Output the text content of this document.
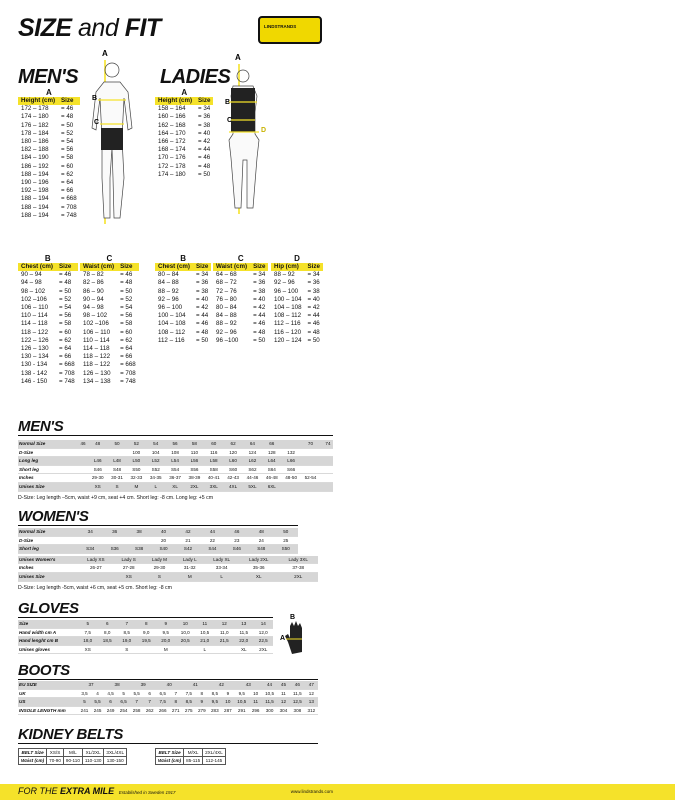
SIZE and FIT	LINDSTRANDS
MEN'S	LADIES
A
B
C
A
B
C
D
A
Height (cm)	Size
172 – 178	= 46
174 – 180	= 48
176 – 182	= 50
178 – 184	= 52
180 – 186	= 54
182 – 188	= 56
184 – 190	= 58
186 – 192	= 60
188 – 194	= 62
190 – 196	= 64
192 – 198	= 66
188 – 194	= 668
188 – 194	= 708
188 – 194	= 748
A
Height (cm)	Size
158 – 164	= 34
160 – 166	= 36
162 – 168	= 38
164 – 170	= 40
166 – 172	= 42
168 – 174	= 44
170 – 176	= 46
172 – 178	= 48
174 – 180	= 50
B
Chest (cm)	Size
90 – 94	= 46
94 – 98	= 48
98 – 102	= 50
102 –106	= 52
106 – 110	= 54
110 – 114	= 56
114 – 118	= 58
118 – 122	= 60
122 – 126	= 62
126 – 130	= 64
130 – 134	= 66
130 - 134	= 668
138 - 142	= 708
146 - 150	= 748
C
Waist (cm)	Size
78 – 82	= 46
82 – 86	= 48
86 – 90	= 50
90 – 94	= 52
94 – 98	= 54
98 – 102	= 56
102 –106	= 58
106 – 110	= 60
110 – 114	= 62
114 – 118	= 64
118 – 122	= 66
118 – 122	= 668
126 – 130	= 708
134 – 138	= 748
B
Chest (cm)	Size
80 – 84	= 34
84 – 88	= 36
88 – 92	= 38
92 – 96	= 40
96 – 100	= 42
100 – 104	= 44
104 – 108	= 46
108 – 112	= 48
112 – 116	= 50
C
Waist (cm)	Size
64 – 68	= 34
68 – 72	= 36
72 – 76	= 38
76 – 80	= 40
80 – 84	= 42
84 – 88	= 44
88 – 92	= 46
92 – 96	= 48
96 –100	= 50
D
Hip (cm)	Size
88 – 92	= 34
92 – 96	= 36
96 – 100	= 38
100 – 104	= 40
104 – 108	= 42
108 – 112	= 44
112 – 116	= 46
116 – 120	= 48
120 – 124	= 50
MEN'S
Normal Size	46	48	50	52	54	56	58	60	62	64	66		70		74
D-Size				100	104	108	110	116	120	124	128	132			
Long leg		L46	L48	L50	L52	L54	L56	L58	L60	L62	L64	L66			
Short leg		S46	S48	S50	S52	S54	S56	S58	S60	S62	S64	S66			
Inches		29-30	30-31	32-33	34-35	36-37	38-39	40-41	42-43	44-46	46-48	48-50	52-54		
Unisex Size		XS	S	M	L	XL	2XL	3XL	4XL	5XL	6XL				
D-Size: Leg length –5cm, waist +9 cm, seat +4 cm. Short leg: -8 cm. Long leg: +5 cm
WOMEN'S
Normal Size	34	36	38	40	42	44	46	48	50
D-Size				20	21	22	23	24	25
Short leg	S34	S36	S38	S40	S42	S44	S46	S48	S50
Unisex Women's	Lady XS	Lady S	Lady M	Lady L	Lady XL	Lady 2XL	Lady 3XL
Inches	26-27	27-28	29-30	31-32	33-34	35-36	37-38
Unisex Size		XS	S	M	L	XL	2XL
D-Size: Leg length -5cm, waist +6 cm, seat +5 cm. Short leg: -8 cm
GLOVES
Size	5	6	7	8	9	10	11	12	13	14
Hand width cm A	7,5	8,0	8,5	9,0	9,5	10,0	10,5	11,0	11,5	12,0
Hand lenght cm B	18,0	18,5	19,0	19,5	20,0	20,5	21,0	21,5	22,0	22,5
Unisex gloves	XS		S		M		L		XL	2XL
B
A
BOOTS
EU SIZE	37		38		39		40		41		42		43		44	45	46	47
UK	3,5	4	4,5	5	5,5	6	6,5	7	7,5	8	8,5	9	9,5	10	10,5	11	11,5	12
US	5	5,5	6	6,5	7	7	7,5	8	8,5	9	9,5	10	10,5	11	11,5	12	12,5	13
INSOLE LENGTH mm	241	245	249	254	258	262	266	271	275	279	283	287	291	296	300	304	308	312
KIDNEY BELTS
BELT Size	XS/S	M/L	XL/2XL	3XL/4XL
Waist (cm)	70-90	90-110	110-130	130-150
BELT Size	M/XL	2XL/4XL
Waist (cm)	85-115	112-145
FOR THE EXTRA MILE Established in Sweden 1917	www.lindstrands.com
